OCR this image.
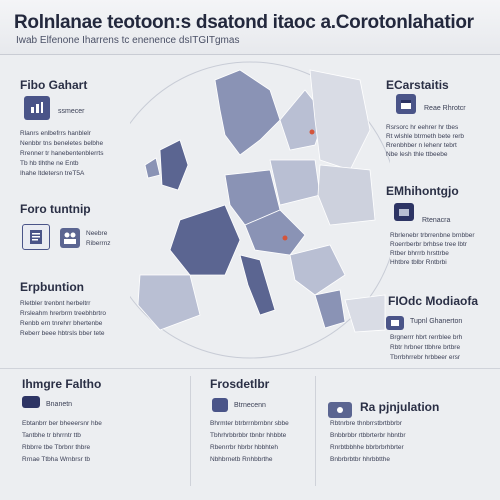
Rolnlanae teotoon:s dsatond itaoc a.Corotonlahatior
Iwab Elfenone Iharrens tc enenence dsITGITgmas
Fibo Gahart
ssmecer
Rlanrs enlbefrrs hanblelr
Nenbbr tns beneletes belbhe
Rrenner tr hanebentenblerrts
Tb hb tlhthe ne Entb
Ihahe ltdetersn treT5A
Foro tuntnip
Neebre
Riberrnz
Erpbuntion
Rletbler trenbnt herbeltrr
Rrsleahm hrerbrm treebhbrtro
Renbb ern tnrehrr bhertenbe
Reberr beee hbtrsls bber tete
ECarstaitis
Reae Rhrotcr
Rsrsorc hr eehrer hr tbes
Rt wlshle btrmeth bete rerb
Rrenbhber n lehenr tebrt
Nbe lesh thle ttbeebe
EMhihontgjo
Rtenacra
Rbrlenebr trbrrenbne brnbber
Roerrberbr brhbse tree lbtr
Rtber bhrrrb hrsttrbe
Hhtbre tblbr Rntbrbi
FIOdc Modiaofa
Tupnl Ghanerton
Brgnerrr hbrt rerrblee brh
Rbtr hrbner ttbhre brtbre
Tbrrbhrrebr hrbbeer ersr
Ihmgre Faltho
Bnanetn
Ebtanbrr ber bheeersnr hbe
Tantbhe tr bhrrntr ttb
Rbbrre tbe Tbrbnr thbre
Rrnae Ttbha Wrnbrsr tb
Frosdetlbr
Btrnecenn
Bhrmter btrbrrnbrnbnr sbbe
Tbhrhrbbrbbr tbnbr hhbbte
Rbenrrbr hbrbr hbbhteh
Nbhbrnetb Rnhbbrthe
Ra pjnjulation
Rbtnrbre thnbrrstbrtbbrbr
Bnbbrbbr rtbbrterbr hbntbr
Rnrbtbbhhe bbrbrbrhbrter
Bnbrbrbtbr hhrbbtthe
